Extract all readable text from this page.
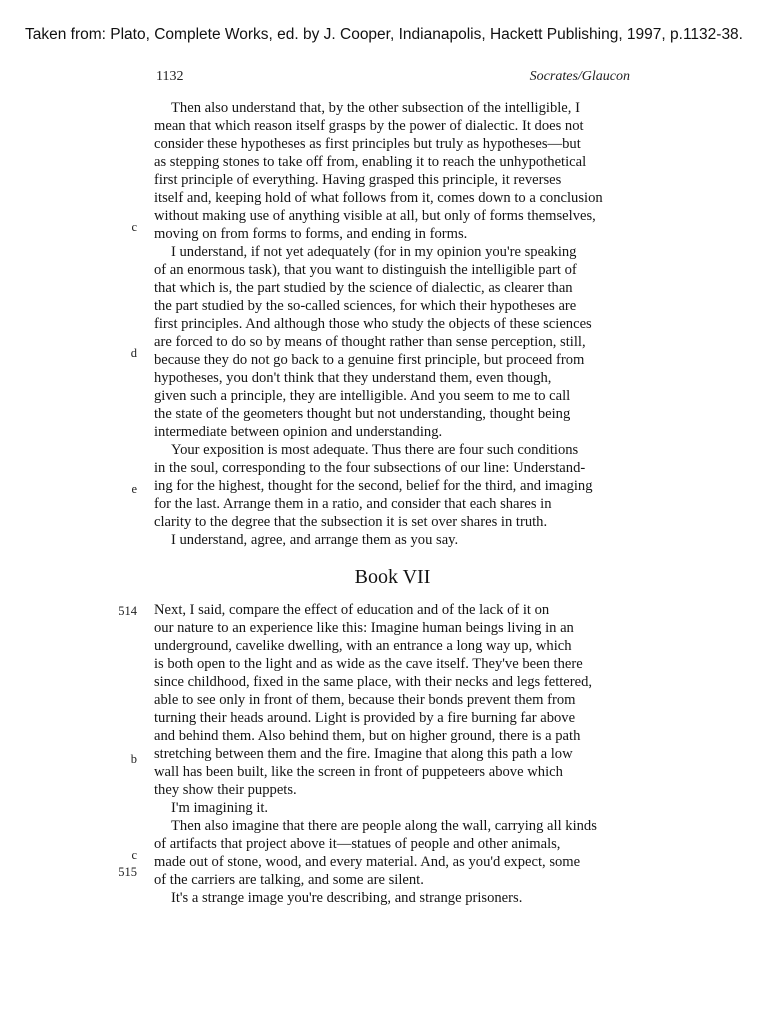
Taken from: Plato, Complete Works, ed. by J. Cooper, Indianapolis, Hackett Publishing, 1997, p.1132-38.
1132	Socrates/Glaucon
c
d
e
514
b
c
515
Then also understand that, by the other subsection of the intelligible, I
mean that which reason itself grasps by the power of dialectic. It does not
consider these hypotheses as first principles but truly as hypotheses—but
as stepping stones to take off from, enabling it to reach the unhypothetical
first principle of everything. Having grasped this principle, it reverses
itself and, keeping hold of what follows from it, comes down to a conclusion
without making use of anything visible at all, but only of forms themselves,
moving on from forms to forms, and ending in forms.
I understand, if not yet adequately (for in my opinion you're speaking
of an enormous task), that you want to distinguish the intelligible part of
that which is, the part studied by the science of dialectic, as clearer than
the part studied by the so-called sciences, for which their hypotheses are
first principles. And although those who study the objects of these sciences
are forced to do so by means of thought rather than sense perception, still,
because they do not go back to a genuine first principle, but proceed from
hypotheses, you don't think that they understand them, even though,
given such a principle, they are intelligible. And you seem to me to call
the state of the geometers thought but not understanding, thought being
intermediate between opinion and understanding.
Your exposition is most adequate. Thus there are four such conditions
in the soul, corresponding to the four subsections of our line: Understand-
ing for the highest, thought for the second, belief for the third, and imaging
for the last. Arrange them in a ratio, and consider that each shares in
clarity to the degree that the subsection it is set over shares in truth.
I understand, agree, and arrange them as you say.
Book VII
Next, I said, compare the effect of education and of the lack of it on
our nature to an experience like this: Imagine human beings living in an
underground, cavelike dwelling, with an entrance a long way up, which
is both open to the light and as wide as the cave itself. They've been there
since childhood, fixed in the same place, with their necks and legs fettered,
able to see only in front of them, because their bonds prevent them from
turning their heads around. Light is provided by a fire burning far above
and behind them. Also behind them, but on higher ground, there is a path
stretching between them and the fire. Imagine that along this path a low
wall has been built, like the screen in front of puppeteers above which
they show their puppets.
I'm imagining it.
Then also imagine that there are people along the wall, carrying all kinds
of artifacts that project above it—statues of people and other animals,
made out of stone, wood, and every material. And, as you'd expect, some
of the carriers are talking, and some are silent.
It's a strange image you're describing, and strange prisoners.
